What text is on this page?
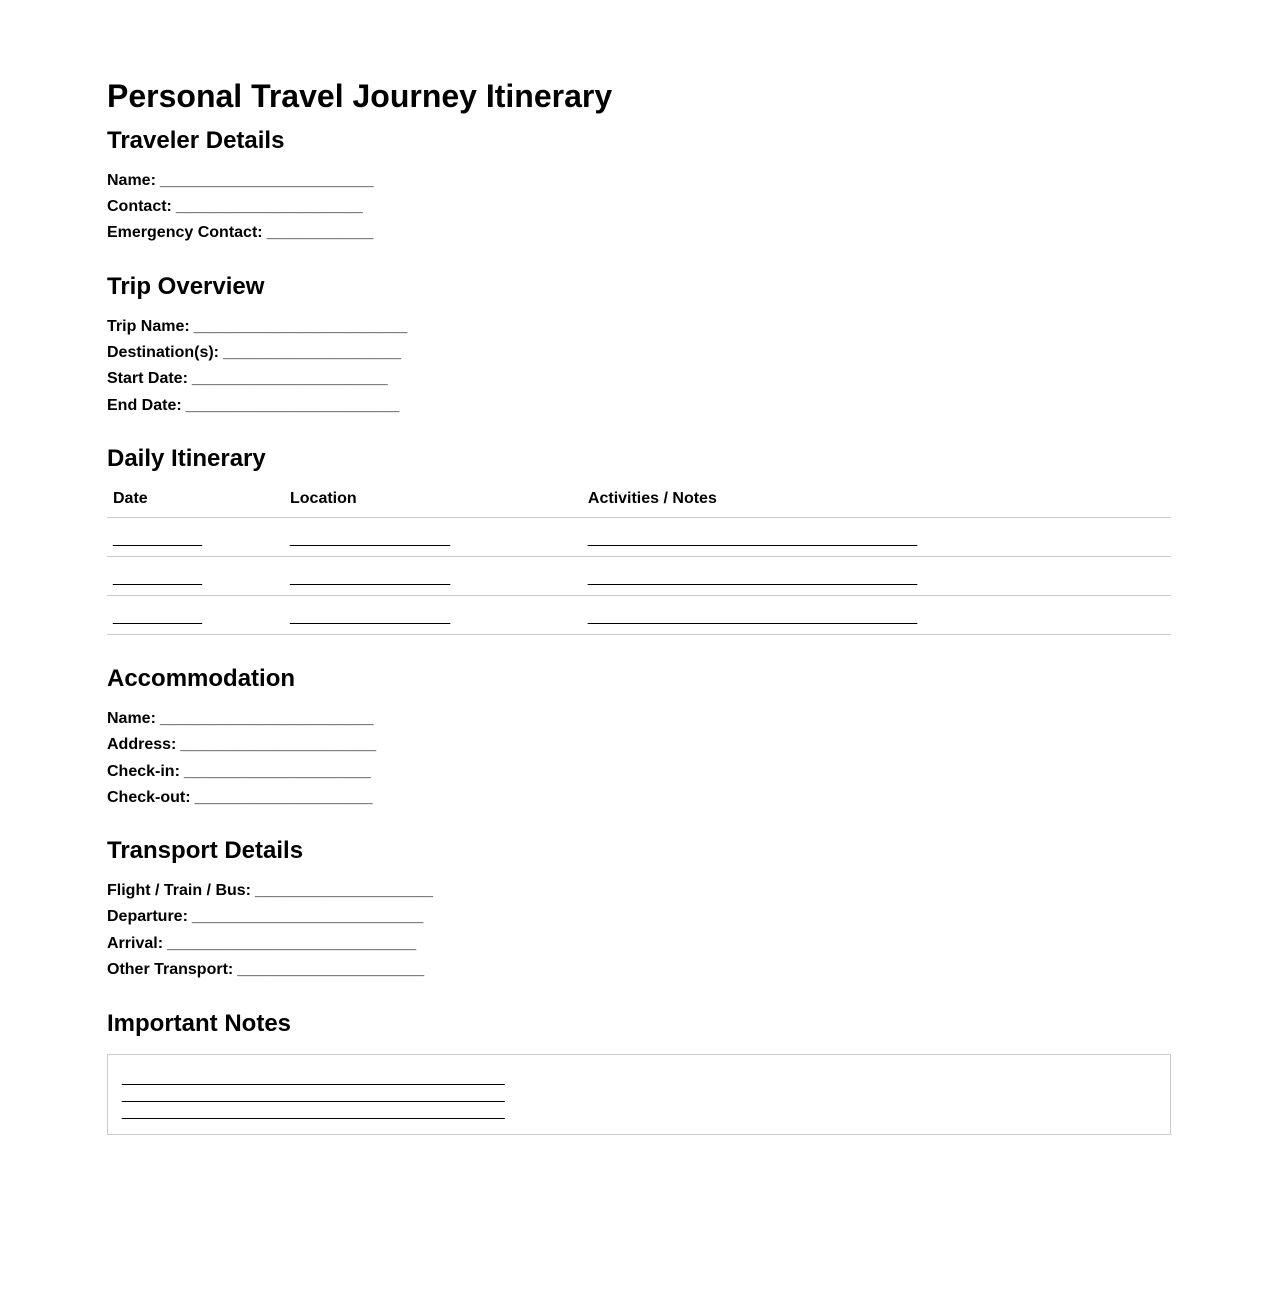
Personal Travel Journey Itinerary
Traveler Details

Name: ________________________

Contact: _____________________

Emergency Contact: ____________

Trip Overview

Trip Name: ________________________

Destination(s): ____________________

Start Date: ______________________

End Date: ________________________

Daily Itinerary
Date	Location	Activities / Notes
__________	__________________	_____________________________________
__________	__________________	_____________________________________
__________	__________________	_____________________________________
Accommodation

Name: ________________________

Address: ______________________

Check-in: _____________________

Check-out: ____________________

Transport Details

Flight / Train / Bus: ____________________

Departure: __________________________

Arrival: ____________________________

Other Transport: _____________________

Important Notes

___________________________________________

___________________________________________

___________________________________________
